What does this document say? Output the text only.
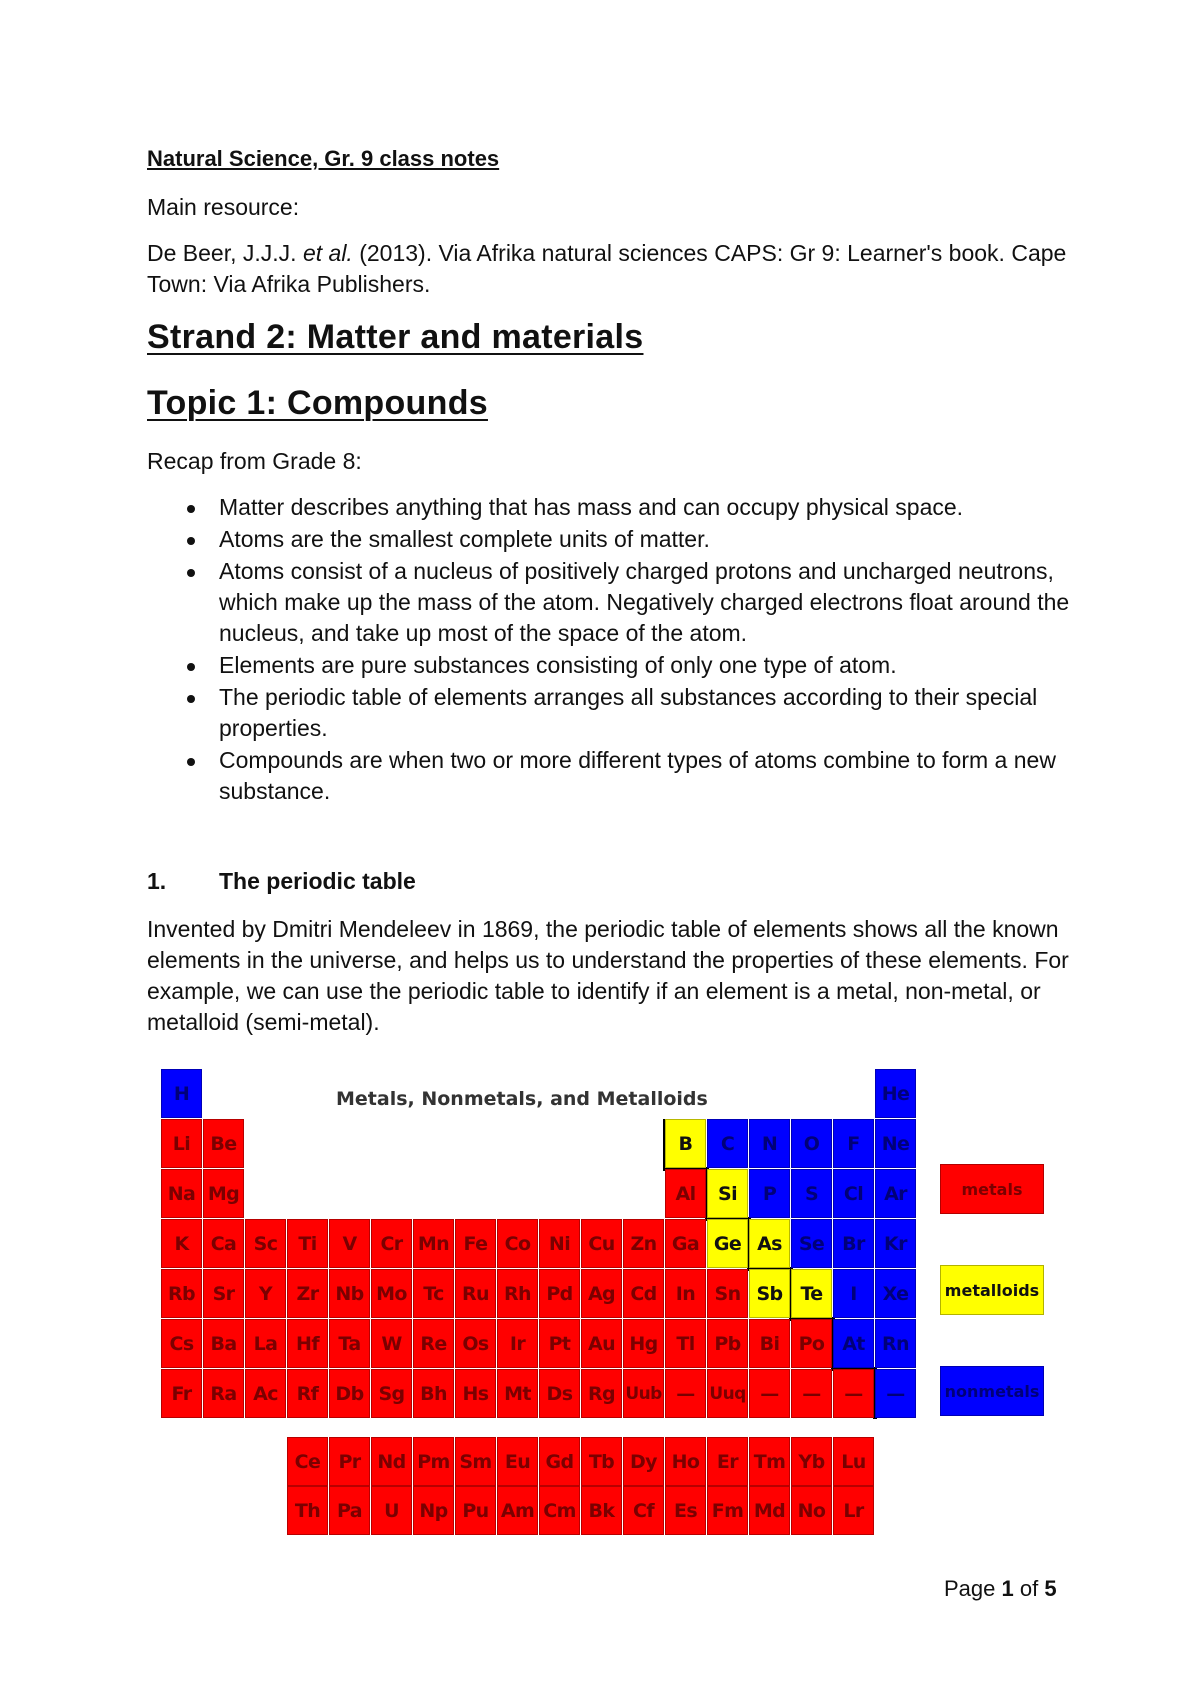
Natural Science, Gr. 9 class notes
Main resource:
De Beer, J.J.J. et al. (2013). Via Afrika natural sciences CAPS: Gr 9: Learner's book. Cape Town: Via Afrika Publishers.
Strand 2: Matter and materials
Topic 1: Compounds
Recap from Grade 8:
Matter describes anything that has mass and can occupy physical space.
Atoms are the smallest complete units of matter.
Atoms consist of a nucleus of positively charged protons and uncharged neutrons, which make up the mass of the atom. Negatively charged electrons float around the nucleus, and take up most of the space of the atom.
Elements are pure substances consisting of only one type of atom.
The periodic table of elements arranges all substances according to their special properties.
Compounds are when two or more different types of atoms combine to form a new substance.
1. The periodic table
Invented by Dmitri Mendeleev in 1869, the periodic table of elements shows all the known elements in the universe, and helps us to understand the properties of these elements. For example, we can use the periodic table to identify if an element is a metal, non-metal, or metalloid (semi-metal).
Metals, Nonmetals, and Metalloids
H	He
Li	Be	B	C	N	O	F	Ne
Na Mg	Al	Si	P	S	Cl	Ar
K	Ca Sc	Ti	V	Cr Mn Fe Co Ni Cu Zn Ga Ge As Se Br	Kr
Rb Sr	Y	Zr Nb Mo Tc Ru Rh Pd Ag Cd	In	Sn Sb Te	I	Xe
Cs Ba La Hf	Ta	W Re Os	Ir	Pt Au Hg Tl	Pb Bi	Po At Rn
Fr Ra Ac Rf Db Sg Bh Hs Mt Ds Rg Uub — Uuq —	—	—	—
Ce Pr Nd Pm Sm Eu Gd Tb Dy Ho Er Tm Yb Lu
Th Pa	U	Np Pu Am Cm Bk Cf	Es Fm Md No Lr
metals
metalloids
nonmetals
Page 1 of 5
